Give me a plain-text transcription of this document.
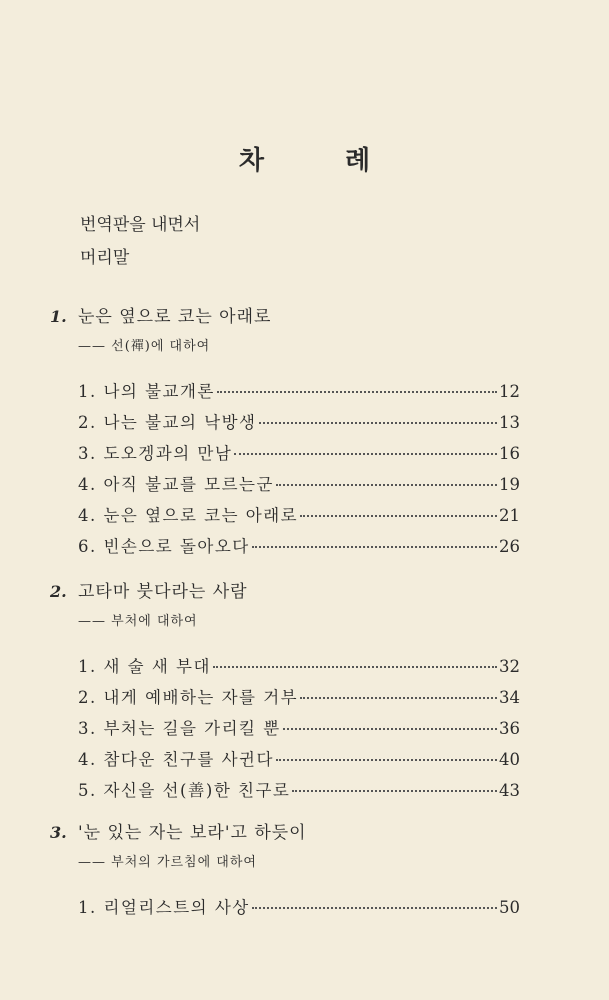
차 례
번역판을 내면서
머리말
1. 눈은 옆으로 코는 아래로
—— 선(禪)에 대하여
1. 나의 불교개론	12
2. 나는 불교의 낙방생	13
3. 도오겡과의 만남	16
4. 아직 불교를 모르는군	19
4. 눈은 옆으로 코는 아래로	21
6. 빈손으로 돌아오다	26
2. 고타마 붓다라는 사람
—— 부처에 대하여
1. 새 술 새 부대	32
2. 내게 예배하는 자를 거부	34
3. 부처는 길을 가리킬 뿐	36
4. 참다운 친구를 사귄다	40
5. 자신을 선(善)한 친구로	43
3. '눈 있는 자는 보라'고 하듯이
—— 부처의 가르침에 대하여
1. 리얼리스트의 사상	50
